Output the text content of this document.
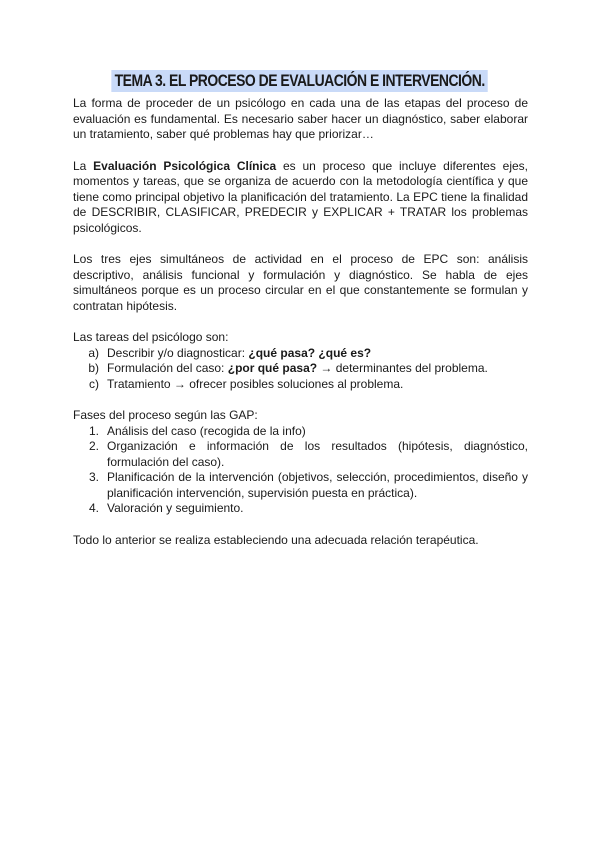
TEMA 3. EL PROCESO DE EVALUACIÓN E INTERVENCIÓN.

La forma de proceder de un psicólogo en cada una de las etapas del proceso de evaluación es fundamental. Es necesario saber hacer un diagnóstico, saber elaborar un tratamiento, saber qué problemas hay que priorizar…

La Evaluación Psicológica Clínica es un proceso que incluye diferentes ejes, momentos y tareas, que se organiza de acuerdo con la metodología científica y que tiene como principal objetivo la planificación del tratamiento. La EPC tiene la finalidad de DESCRIBIR, CLASIFICAR, PREDECIR y EXPLICAR + TRATAR los problemas psicológicos.

Los tres ejes simultáneos de actividad en el proceso de EPC son: análisis descriptivo, análisis funcional y formulación y diagnóstico. Se habla de ejes simultáneos porque es un proceso circular en el que constantemente se formulan y contratan hipótesis.

Las tareas del psicólogo son:

a) Describir y/o diagnosticar: ¿qué pasa? ¿qué es?
b) Formulación del caso: ¿por qué pasa? → determinantes del problema.
c) Tratamiento → ofrecer posibles soluciones al problema.

Fases del proceso según las GAP:

1. Análisis del caso (recogida de la info)
2. Organización e información de los resultados (hipótesis, diagnóstico, formulación del caso).
3. Planificación de la intervención (objetivos, selección, procedimientos, diseño y planificación intervención, supervisión puesta en práctica).
4. Valoración y seguimiento.

Todo lo anterior se realiza estableciendo una adecuada relación terapéutica.
